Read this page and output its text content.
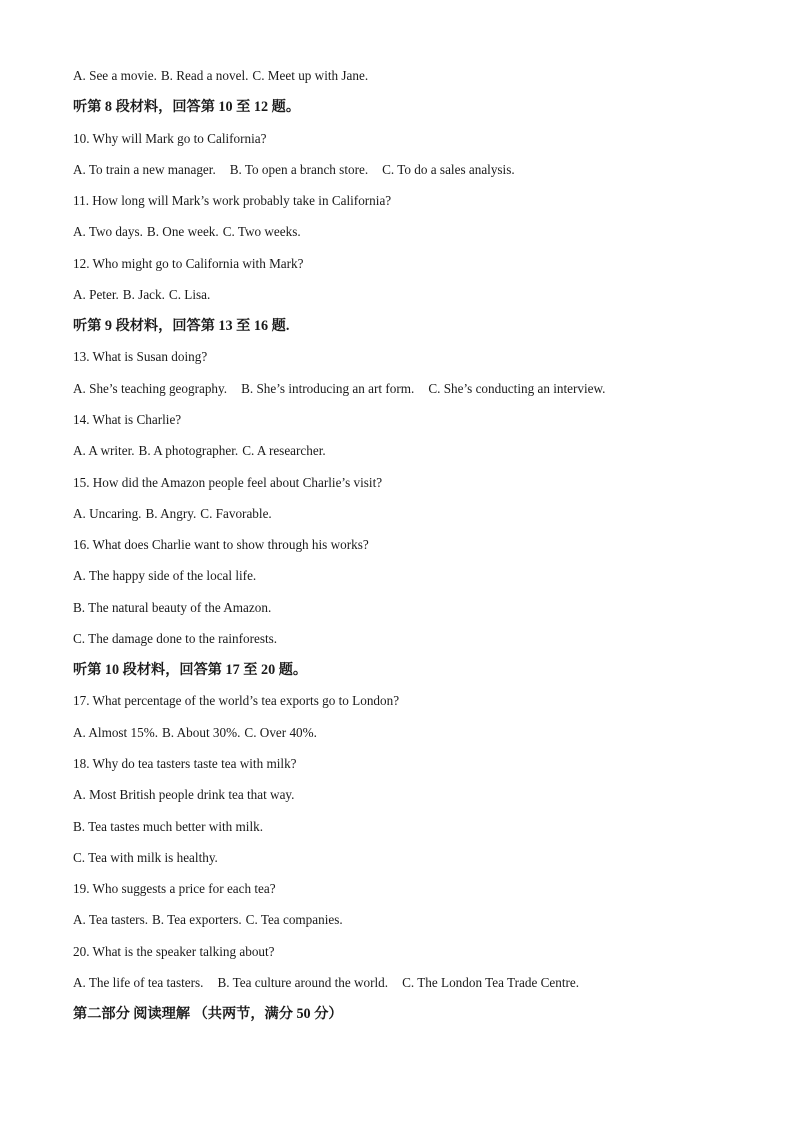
A. See a movie. B. Read a novel. C. Meet up with Jane.
听第 8 段材料，回答第 10 至 12 题。
10. Why will Mark go to California?
A. To train a new manager. B. To open a branch store. C. To do a sales analysis.
11. How long will Mark’s work probably take in California?
A. Two days. B. One week. C. Two weeks.
12. Who might go to California with Mark?
A. Peter. B. Jack. C. Lisa.
听第 9 段材料，回答第 13 至 16 题.
13. What is Susan doing?
A. She’s teaching geography. B. She’s introducing an art form. C. She’s conducting an interview.
14. What is Charlie?
A. A writer. B. A photographer. C. A researcher.
15. How did the Amazon people feel about Charlie’s visit?
A. Uncaring. B. Angry. C. Favorable.
16. What does Charlie want to show through his works?
A. The happy side of the local life.
B. The natural beauty of the Amazon.
C. The damage done to the rainforests.
听第 10 段材料，回答第 17 至 20 题。
17. What percentage of the world’s tea exports go to London?
A. Almost 15%. B. About 30%. C. Over 40%.
18. Why do tea tasters taste tea with milk?
A. Most British people drink tea that way.
B. Tea tastes much better with milk.
C. Tea with milk is healthy.
19. Who suggests a price for each tea?
A. Tea tasters. B. Tea exporters. C. Tea companies.
20. What is the speaker talking about?
A. The life of tea tasters. B. Tea culture around the world. C. The London Tea Trade Centre.
第二部分 阅读理解 （共两节，满分 50 分）
